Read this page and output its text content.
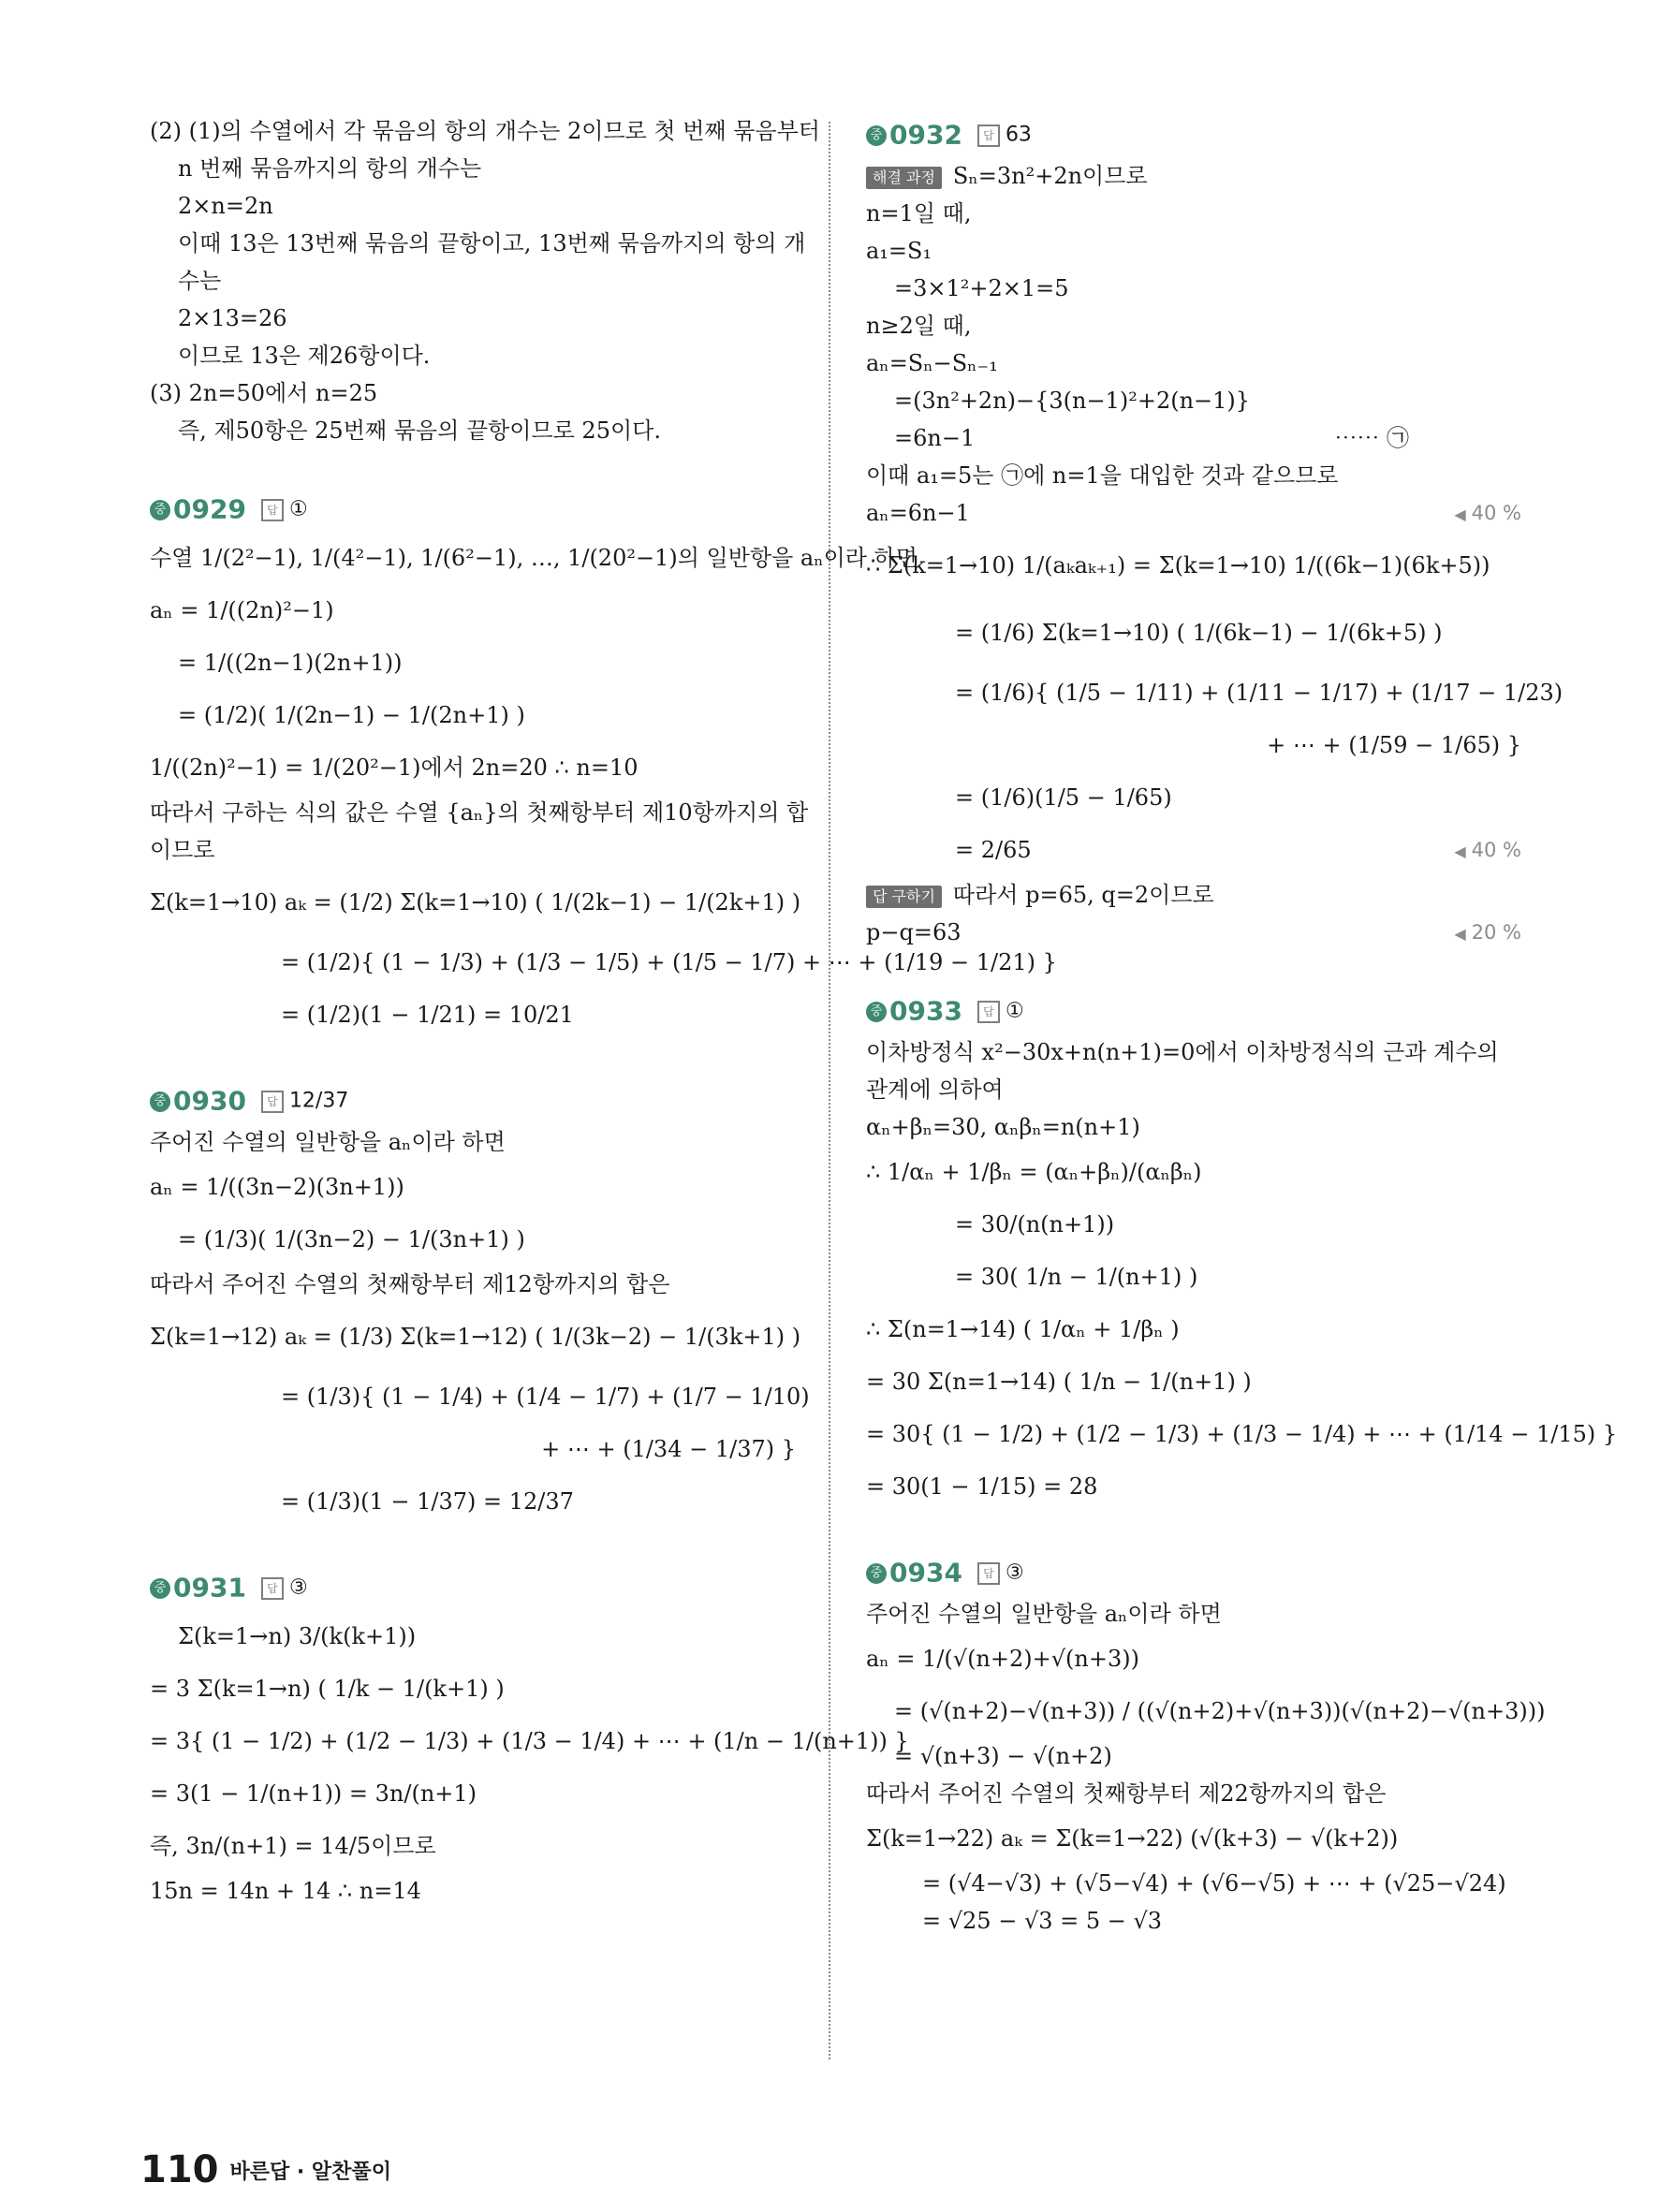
(2) (1)의 수열에서 각 묶음의 항의 개수는 2이므로 첫 번째 묶음부터
n 번째 묶음까지의 항의 개수는
2×n=2n
이때 13은 13번째 묶음의 끝항이고, 13번째 묶음까지의 항의 개
수는
2×13=26
이므로 13은 제26항이다.
(3) 2n=50에서 n=25
즉, 제50항은 25번째 묶음의 끝항이므로 25이다.
중 0929 답 ①
수열 1/(2²−1), 1/(4²−1), 1/(6²−1), …, 1/(20²−1)의 일반항을 aₙ이라 하면
aₙ = 1/((2n)²−1)
= 1/((2n−1)(2n+1))
= (1/2)( 1/(2n−1) − 1/(2n+1) )
1/((2n)²−1) = 1/(20²−1)에서 2n=20 ∴ n=10
따라서 구하는 식의 값은 수열 {aₙ}의 첫째항부터 제10항까지의 합
이므로
Σ(k=1→10) aₖ = (1/2) Σ(k=1→10) ( 1/(2k−1) − 1/(2k+1) )
= (1/2){ (1 − 1/3) + (1/3 − 1/5) + (1/5 − 1/7) + ⋯ + (1/19 − 1/21) }
= (1/2)(1 − 1/21) = 10/21
중 0930 답 12/37
주어진 수열의 일반항을 aₙ이라 하면
aₙ = 1/((3n−2)(3n+1))
= (1/3)( 1/(3n−2) − 1/(3n+1) )
따라서 주어진 수열의 첫째항부터 제12항까지의 합은
Σ(k=1→12) aₖ = (1/3) Σ(k=1→12) ( 1/(3k−2) − 1/(3k+1) )
= (1/3){ (1 − 1/4) + (1/4 − 1/7) + (1/7 − 1/10)
+ ⋯ + (1/34 − 1/37) }
= (1/3)(1 − 1/37) = 12/37
중 0931 답 ③
Σ(k=1→n) 3/(k(k+1))
= 3 Σ(k=1→n) ( 1/k − 1/(k+1) )
= 3{ (1 − 1/2) + (1/2 − 1/3) + (1/3 − 1/4) + ⋯ + (1/n − 1/(n+1)) }
= 3(1 − 1/(n+1)) = 3n/(n+1)
즉, 3n/(n+1) = 14/5이므로
15n = 14n + 14 ∴ n=14
중 0932 답 63
해결 과정 Sₙ=3n²+2n이므로
n=1일 때,
a₁=S₁
=3×1²+2×1=5
n≥2일 때,
aₙ=Sₙ−Sₙ₋₁
=(3n²+2n)−{3(n−1)²+2(n−1)}
=6n−1	⋯⋯ ㉠
이때 a₁=5는 ㉠에 n=1을 대입한 것과 같으므로
aₙ=6n−1	◀ 40 %
∴ Σ(k=1→10) 1/(aₖaₖ₊₁) = Σ(k=1→10) 1/((6k−1)(6k+5))
= (1/6) Σ(k=1→10) ( 1/(6k−1) − 1/(6k+5) )
= (1/6){ (1/5 − 1/11) + (1/11 − 1/17) + (1/17 − 1/23)
+ ⋯ + (1/59 − 1/65) }
= (1/6)(1/5 − 1/65)
= 2/65	◀ 40 %
답 구하기 따라서 p=65, q=2이므로
p−q=63	◀ 20 %
중 0933 답 ①
이차방정식 x²−30x+n(n+1)=0에서 이차방정식의 근과 계수의
관계에 의하여
αₙ+βₙ=30, αₙβₙ=n(n+1)
∴ 1/αₙ + 1/βₙ = (αₙ+βₙ)/(αₙβₙ)
= 30/(n(n+1))
= 30( 1/n − 1/(n+1) )
∴ Σ(n=1→14) ( 1/αₙ + 1/βₙ )
= 30 Σ(n=1→14) ( 1/n − 1/(n+1) )
= 30{ (1 − 1/2) + (1/2 − 1/3) + (1/3 − 1/4) + ⋯ + (1/14 − 1/15) }
= 30(1 − 1/15) = 28
중 0934 답 ③
주어진 수열의 일반항을 aₙ이라 하면
aₙ = 1/(√(n+2)+√(n+3))
= (√(n+2)−√(n+3)) / ((√(n+2)+√(n+3))(√(n+2)−√(n+3)))
= √(n+3) − √(n+2)
따라서 주어진 수열의 첫째항부터 제22항까지의 합은
Σ(k=1→22) aₖ = Σ(k=1→22) (√(k+3) − √(k+2))
= (√4−√3) + (√5−√4) + (√6−√5) + ⋯ + (√25−√24)
= √25 − √3 = 5 − √3
110 바른답 · 알찬풀이
